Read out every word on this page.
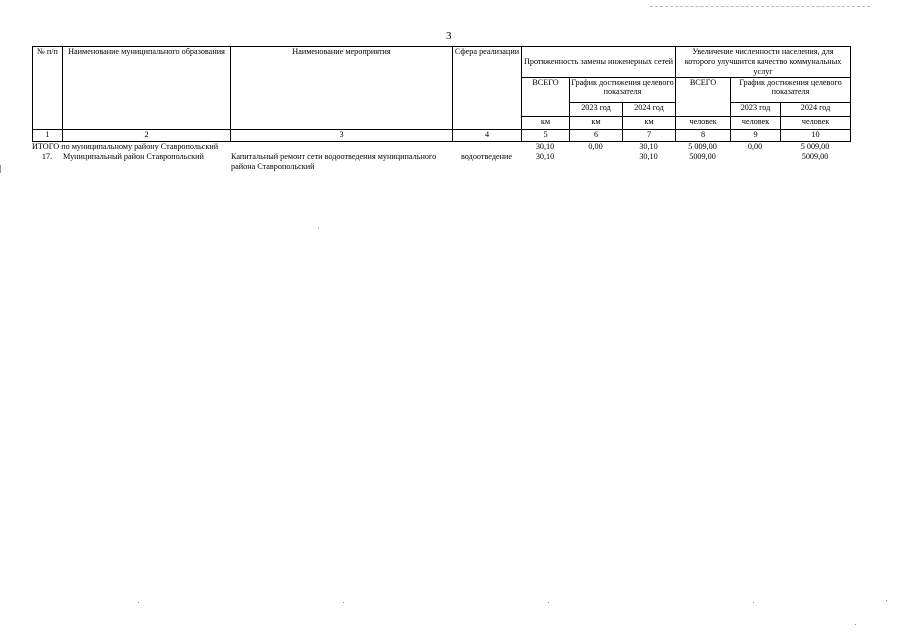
3
№ п/п	Наименование муниципального образования	Наименование мероприятия	Сфера реализации	Протяженность замены инженерных сетей			Увеличение численности населения, для которого улучшится качество коммунальных услуг		
				ВСЕГО	График достижения целевого показателя		ВСЕГО	График достижения целевого показателя	
					2023 год	2024 год		2023 год	2024 год
				км	км	км	человек	человек	человек
1	2	3	4	5	6	7	8	9	10
ИТОГО по муниципальному району Ставропольский				30,10	0,00	30,10	5 009,00	0,00	5 009,00
17.	Муниципальный район Ставропольский	Капитальный ремонт сети водоотведения муниципального района Ставропольский	водоотведение	30,10		30,10	5009,00		5009,00
